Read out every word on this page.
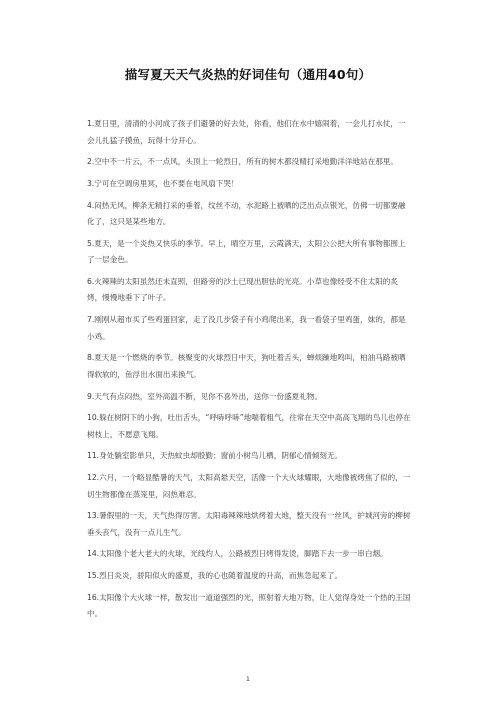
描写夏天天气炎热的好词佳句（通用40句）

1.夏日里，清清的小河成了孩子们避暑的好去处，你看，他们在水中嬉闹着，一会儿打水仗，一会儿扎猛子摸鱼，玩得十分开心。

2.空中不一片云，不一点风，头顶上一轮烈日，所有的树木都没精打采地勤洋洋地站在那里。

3.宁可在空调房里冥，也不要在电风扇下哭！

4.闷热无风，柳条无精打采的垂着，纹丝不动，水泥路上被晒的泛出点点银光，仿佛一切都要融化了，这只是某些地方。

5.夏天，是一个炎热又快乐的季节。早上，晴空万里，云霞满天，太阳公公把大所有事物都围上了一层金色。

6.火辣辣的太阳虽然还未直照，但路旁的沙土已现出胆怯的光亮。小草也像经受不住太阳的炙烤，慢慢地垂下了叶子。

7.刚刚从超市买了些鸡蛋回家，走了没几步袋子有小鸡爬出来，我一看袋子里鸡蛋，妹的，都是小鸡。

8.夏天是一个燃烧的季节。核聚变的火球烈日中天，狗吐着舌头，蝉烦躁地鸣叫，柏油马路被晒得软软的，鱼浮出水面出来换气。

9.天气有点闷热，室外高温不断，见你不喜外出，送你一份盛夏礼物。

10.躲在树阴下的小狗，吐出舌头，“呼哧呼哧”地喘着粗气，往常在天空中高高飞翔的鸟儿也停在树枝上，不愿意飞翔。

11.身处躺室影单只，天热蚊虫却殷勤；窗前小树鸟儿栖，阴郁心情倾刻无。

12.六月，一个略显酷暑的天气，太阳高悬天空，活像一个大火球耀眼，大地像被烤焦了似的，一切生物都像在蒸笼里，闷热难忍。

13.暑假里的一天，天气热得厉害。太阳毒辣辣地烘烤着大地，整天没有一丝风，护城河旁的柳树垂头丧气，没有一点儿生气。

14.太阳像个老大老大的火球，光线灼人，公路被烈日烤得发烫，脚踏下去一步一串白烟。

15.烈日炎炎，骄阳似火的盛夏，我的心也随着温度的升高，而焦急起来了。

16.太阳像个大火球一样，散发出一道道强烈的光，照射着大地万物，让人觉得身处一个热的王国中。

1
